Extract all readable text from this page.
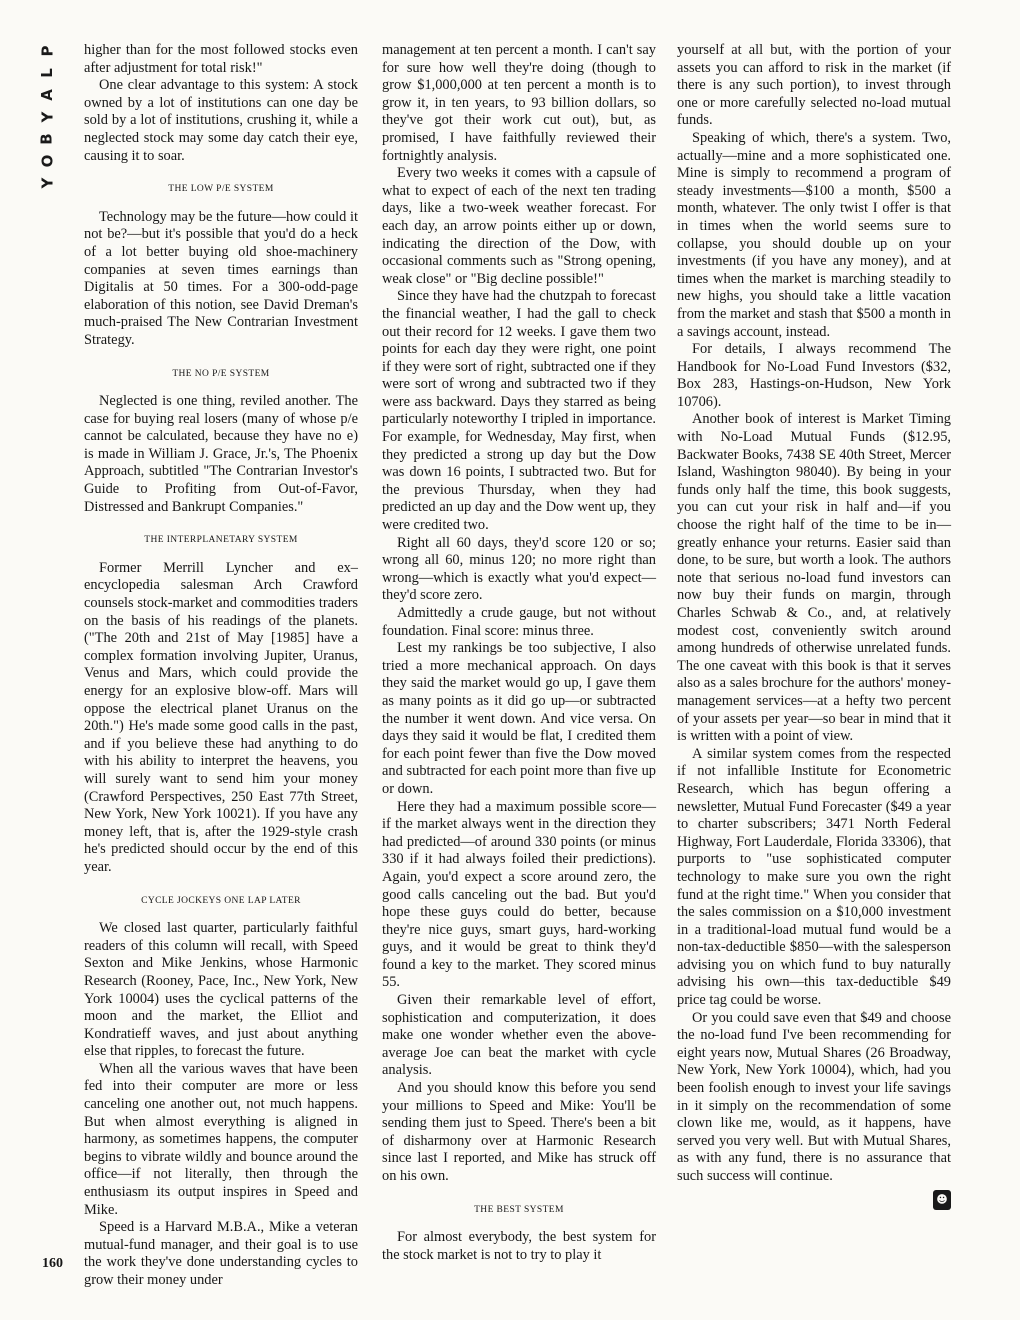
P
L
A
Y
B
O
Y
160

higher than for the most followed stocks even after adjustment for total risk!"

One clear advantage to this system: A stock owned by a lot of institutions can one day be sold by a lot of institutions, crushing it, while a neglected stock may some day catch their eye, causing it to soar.

THE LOW P/E SYSTEM

Technology may be the future—how could it not be?—but it's possible that you'd do a heck of a lot better buying old shoe-machinery companies at seven times earnings than Digitalis at 50 times. For a 300-odd-page elaboration of this notion, see David Dreman's much-praised The New Contrarian Investment Strategy.

THE NO P/E SYSTEM

Neglected is one thing, reviled another. The case for buying real losers (many of whose p/e cannot be calculated, because they have no e) is made in William J. Grace, Jr.'s, The Phoenix Approach, subtitled "The Contrarian Investor's Guide to Profiting from Out-of-Favor, Distressed and Bankrupt Companies."

THE INTERPLANETARY SYSTEM

Former Merrill Lyncher and ex–encyclopedia salesman Arch Crawford counsels stock-market and commodities traders on the basis of his readings of the planets. ("The 20th and 21st of May [1985] have a complex formation involving Jupiter, Uranus, Venus and Mars, which could provide the energy for an explosive blow-off. Mars will oppose the electrical planet Uranus on the 20th.") He's made some good calls in the past, and if you believe these had anything to do with his ability to interpret the heavens, you will surely want to send him your money (Crawford Perspectives, 250 East 77th Street, New York, New York 10021). If you have any money left, that is, after the 1929-style crash he's predicted should occur by the end of this year.

CYCLE JOCKEYS ONE LAP LATER

We closed last quarter, particularly faithful readers of this column will recall, with Speed Sexton and Mike Jenkins, whose Harmonic Research (Rooney, Pace, Inc., New York, New York 10004) uses the cyclical patterns of the moon and the market, the Elliot and Kondratieff waves, and just about anything else that ripples, to forecast the future.

When all the various waves that have been fed into their computer are more or less canceling one another out, not much happens. But when almost everything is aligned in harmony, as sometimes happens, the computer begins to vibrate wildly and bounce around the office—if not literally, then through the enthusiasm its output inspires in Speed and Mike.

Speed is a Harvard M.B.A., Mike a veteran mutual-fund manager, and their goal is to use the work they've done understanding cycles to grow their money under

management at ten percent a month. I can't say for sure how well they're doing (though to grow $1,000,000 at ten percent a month is to grow it, in ten years, to 93 billion dollars, so they've got their work cut out), but, as promised, I have faithfully reviewed their fortnightly analysis.

Every two weeks it comes with a capsule of what to expect of each of the next ten trading days, like a two-week weather forecast. For each day, an arrow points either up or down, indicating the direction of the Dow, with occasional comments such as "Strong opening, weak close" or "Big decline possible!"

Since they have had the chutzpah to forecast the financial weather, I had the gall to check out their record for 12 weeks. I gave them two points for each day they were right, one point if they were sort of right, subtracted one if they were sort of wrong and subtracted two if they were ass backward. Days they starred as being particularly noteworthy I tripled in importance. For example, for Wednesday, May first, when they predicted a strong up day but the Dow was down 16 points, I subtracted two. But for the previous Thursday, when they had predicted an up day and the Dow went up, they were credited two.

Right all 60 days, they'd score 120 or so; wrong all 60, minus 120; no more right than wrong—which is exactly what you'd expect—they'd score zero.

Admittedly a crude gauge, but not without foundation. Final score: minus three.

Lest my rankings be too subjective, I also tried a more mechanical approach. On days they said the market would go up, I gave them as many points as it did go up—or subtracted the number it went down. And vice versa. On days they said it would be flat, I credited them for each point fewer than five the Dow moved and subtracted for each point more than five up or down.

Here they had a maximum possible score—if the market always went in the direction they had predicted—of around 330 points (or minus 330 if it had always foiled their predictions). Again, you'd expect a score around zero, the good calls canceling out the bad. But you'd hope these guys could do better, because they're nice guys, smart guys, hard-working guys, and it would be great to think they'd found a key to the market. They scored minus 55.

Given their remarkable level of effort, sophistication and computerization, it does make one wonder whether even the above-average Joe can beat the market with cycle analysis.

And you should know this before you send your millions to Speed and Mike: You'll be sending them just to Speed. There's been a bit of disharmony over at Harmonic Research since last I reported, and Mike has struck off on his own.

THE BEST SYSTEM

For almost everybody, the best system for the stock market is not to try to play it

yourself at all but, with the portion of your assets you can afford to risk in the market (if there is any such portion), to invest through one or more carefully selected no-load mutual funds.

Speaking of which, there's a system. Two, actually—mine and a more sophisticated one. Mine is simply to recommend a program of steady investments—$100 a month, $500 a month, whatever. The only twist I offer is that in times when the world seems sure to collapse, you should double up on your investments (if you have any money), and at times when the market is marching steadily to new highs, you should take a little vacation from the market and stash that $500 a month in a savings account, instead.

For details, I always recommend The Handbook for No-Load Fund Investors ($32, Box 283, Hastings-on-Hudson, New York 10706).

Another book of interest is Market Timing with No-Load Mutual Funds ($12.95, Backwater Books, 7438 SE 40th Street, Mercer Island, Washington 98040). By being in your funds only half the time, this book suggests, you can cut your risk in half and—if you choose the right half of the time to be in—greatly enhance your returns. Easier said than done, to be sure, but worth a look. The authors note that serious no-load fund investors can now buy their funds on margin, through Charles Schwab & Co., and, at relatively modest cost, conveniently switch around among hundreds of otherwise unrelated funds. The one caveat with this book is that it serves also as a sales brochure for the authors' money-management services—at a hefty two percent of your assets per year—so bear in mind that it is written with a point of view.

A similar system comes from the respected if not infallible Institute for Econometric Research, which has begun offering a newsletter, Mutual Fund Forecaster ($49 a year to charter subscribers; 3471 North Federal Highway, Fort Lauderdale, Florida 33306), that purports to "use sophisticated computer technology to make sure you own the right fund at the right time." When you consider that the sales commission on a $10,000 investment in a traditional-load mutual fund would be a non-tax-deductible $850—with the salesperson advising you on which fund to buy naturally advising his own—this tax-deductible $49 price tag could be worse.

Or you could save even that $49 and choose the no-load fund I've been recommending for eight years now, Mutual Shares (26 Broadway, New York, New York 10004), which, had you been foolish enough to invest your life savings in it simply on the recommendation of some clown like me, would, as it happens, have served you very well. But with Mutual Shares, as with any fund, there is no assurance that such success will continue.

☻
